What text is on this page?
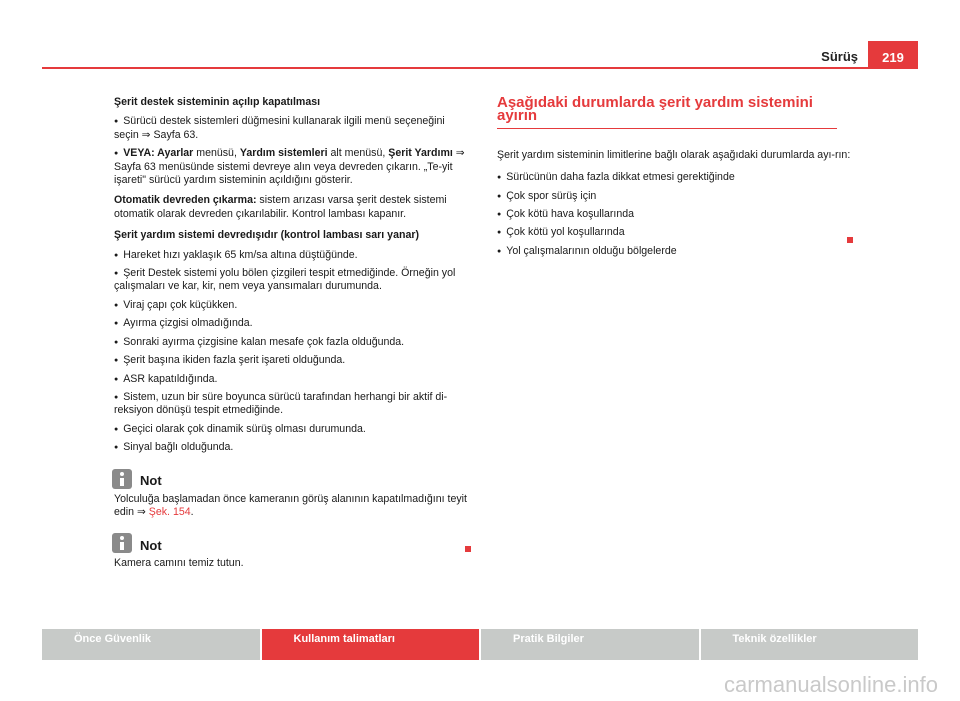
Sürüş	219

Şerit destek sisteminin açılıp kapatılması

● Sürücü destek sistemleri düğmesini kullanarak ilgili menü seçeneğini seçin ⇒ Sayfa 63.

● VEYA: Ayarlar menüsü, Yardım sistemleri alt menüsü, Şerit Yardımı ⇒ Sayfa 63 menüsünde sistemi devreye alın veya devreden çıkarın. „Te-yit işareti" sürücü yardım sisteminin açıldığını gösterir.

Otomatik devreden çıkarma: sistem arızası varsa şerit destek sistemi otomatik olarak devreden çıkarılabilir. Kontrol lambası kapanır.

Şerit yardım sistemi devredışıdır (kontrol lambası sarı yanar)

● Hareket hızı yaklaşık 65 km/sa altına düştüğünde.

● Şerit Destek sistemi yolu bölen çizgileri tespit etmediğinde. Örneğin yol çalışmaları ve kar, kir, nem veya yansımaları durumunda.

● Viraj çapı çok küçükken.

● Ayırma çizgisi olmadığında.

● Sonraki ayırma çizgisine kalan mesafe çok fazla olduğunda.

● Şerit başına ikiden fazla şerit işareti olduğunda.

● ASR kapatıldığında.

● Sistem, uzun bir süre boyunca sürücü tarafından herhangi bir aktif di-reksiyon dönüşü tespit etmediğinde.

● Geçici olarak çok dinamik sürüş olması durumunda.

● Sinyal bağlı olduğunda.

Not

Yolculuğa başlamadan önce kameranın görüş alanının kapatılmadığını teyit edin ⇒ Şek. 154.

Not

Kamera camını temiz tutun.

Aşağıdaki durumlarda şerit yardım sistemini ayırın

Şerit yardım sisteminin limitlerine bağlı olarak aşağıdaki durumlarda ayı-rın:

● Sürücünün daha fazla dikkat etmesi gerektiğinde

● Çok spor sürüş için

● Çok kötü hava koşullarında

● Çok kötü yol koşullarında

● Yol çalışmalarının olduğu bölgelerde

Önce Güvenlik	Kullanım talimatları	Pratik Bilgiler	Teknik özellikler
carmanualsonline.info
